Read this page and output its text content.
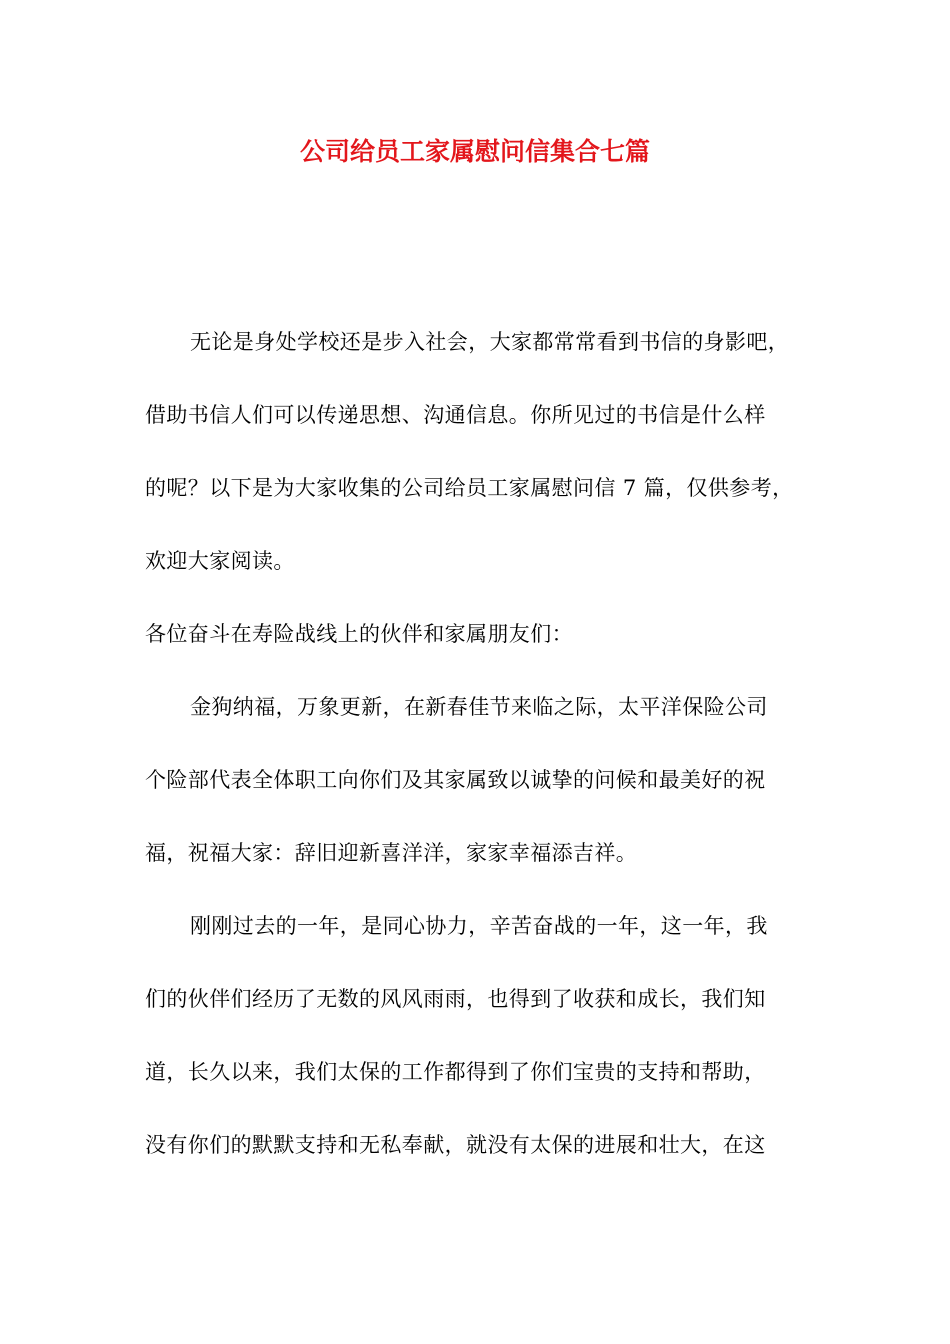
公司给员工家属慰问信集合七篇
无论是身处学校还是步入社会，大家都常常看到书信的身影吧，
借助书信人们可以传递思想、沟通信息。你所见过的书信是什么样
的呢？以下是为大家收集的公司给员工家属慰问信 7 篇，仅供参考，
欢迎大家阅读。
各位奋斗在寿险战线上的伙伴和家属朋友们：
金狗纳福，万象更新，在新春佳节来临之际，太平洋保险公司
个险部代表全体职工向你们及其家属致以诚挚的问候和最美好的祝
福，祝福大家：辞旧迎新喜洋洋，家家幸福添吉祥。
刚刚过去的一年，是同心协力，辛苦奋战的一年，这一年，我
们的伙伴们经历了无数的风风雨雨，也得到了收获和成长，我们知
道，长久以来，我们太保的工作都得到了你们宝贵的支持和帮助，
没有你们的默默支持和无私奉献，就没有太保的进展和壮大，在这
